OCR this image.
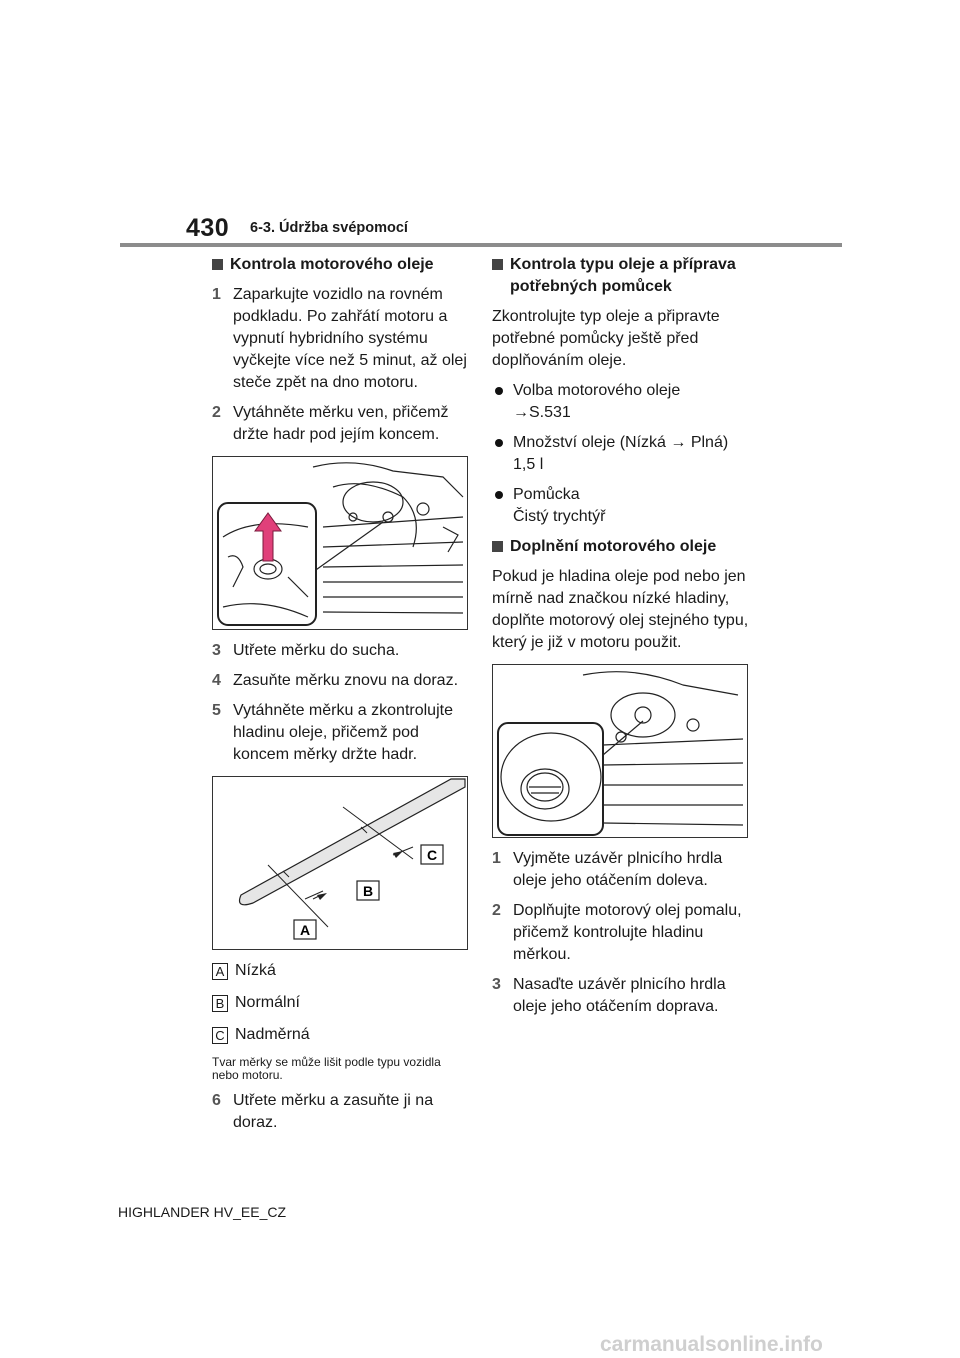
430 6-3. Údržba svépomocí

Kontrola motorového oleje

1 Zaparkujte vozidlo na rovném podkladu. Po zahřátí motoru a vypnutí hybridního systému vyčkejte více než 5 minut, až olej steče zpět na dno motoru.

2 Vytáhněte měrku ven, přičemž držte hadr pod jejím koncem.

3 Utřete měrku do sucha.

4 Zasuňte měrku znovu na doraz.

5 Vytáhněte měrku a zkontrolujte hladinu oleje, přičemž pod koncem měrky držte hadr.

A
B
C
A Nízká
B Normální
C Nadměrná

Tvar měrky se může lišit podle typu vozidla nebo motoru.

6 Utřete měrku a zasuňte ji na doraz.

Kontrola typu oleje a příprava potřebných pomůcek

Zkontrolujte typ oleje a připravte potřebné pomůcky ještě před doplňováním oleje.

Volba motorového oleje
→S.531
Množství oleje (Nízká → Plná)
1,5 l
Pomůcka
Čistý trychtýř

Doplnění motorového oleje

Pokud je hladina oleje pod nebo jen mírně nad značkou nízké hladiny, doplňte motorový olej stejného typu, který je již v motoru použit.

1 Vyjměte uzávěr plnicího hrdla oleje jeho otáčením doleva.

2 Doplňujte motorový olej pomalu, přičemž kontrolujte hladinu měrkou.

3 Nasaďte uzávěr plnicího hrdla oleje jeho otáčením doprava.

HIGHLANDER HV_EE_CZ
carmanualsonline.info
